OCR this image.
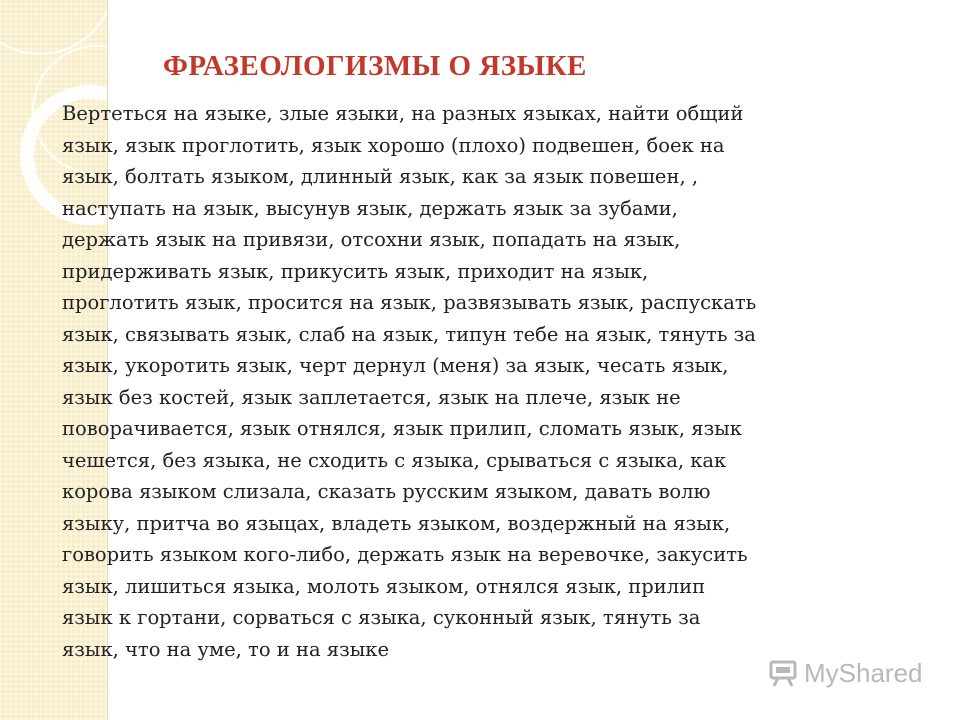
ФРАЗЕОЛОГИЗМЫ О ЯЗЫКЕ

Вертеться на языке, злые языки, на разных языках, найти общий
язык, язык проглотить, язык хорошо (плохо) подвешен, боек на
язык, болтать языком, длинный язык, как за язык повешен, ,
наступать на язык, высунув язык, держать язык за зубами,
держать язык на привязи, отсохни язык, попадать на язык,
придерживать язык, прикусить язык, приходит на язык,
проглотить язык, просится на язык, развязывать язык, распускать
язык, связывать язык, слаб на язык, типун тебе на язык, тянуть за
язык, укоротить язык, черт дернул (меня) за язык, чесать язык,
язык без костей, язык заплетается, язык на плече, язык не
поворачивается, язык отнялся, язык прилип, сломать язык, язык
чешется, без языка, не сходить с языка, срываться с языка, как
корова языком слизала, сказать русским языком, давать волю
языку, притча во языцах, владеть языком, воздержный на язык,
говорить языком кого-либо, держать язык на веревочке, закусить
язык, лишиться языка, молоть языком, отнялся язык, прилип
язык к гортани, сорваться с языка, суконный язык, тянуть за
язык, что на уме, то и на языке

MyShared
